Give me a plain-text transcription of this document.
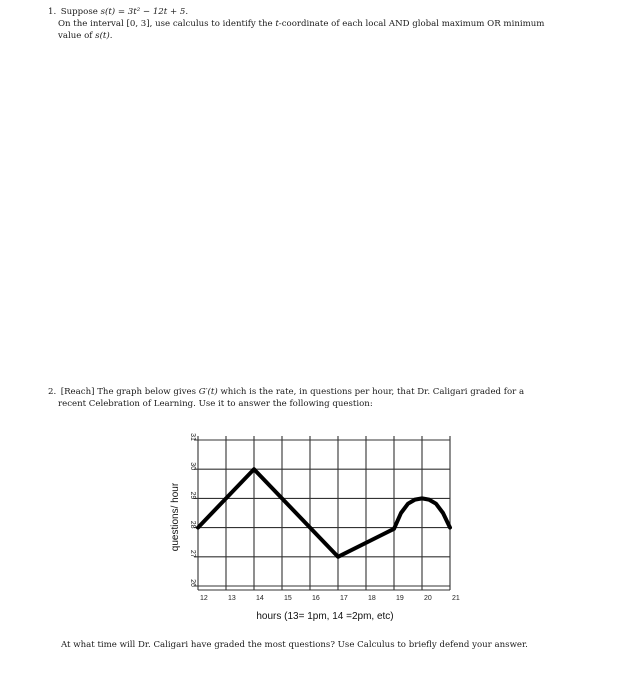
1. Suppose s(t) = 3t² − 12t + 5.
On the interval [0, 3], use calculus to identify the t-coordinate of each local AND global maximum OR minimum
value of s(t).
2. [Reach] The graph below gives G′(t) which is the rate, in questions per hour, that Dr. Caligari graded for a
recent Celebration of Learning. Use it to answer the following question:
12	13	14	15	16	17	18	19	20	21
26
27
28
29
30
31
questions/ hour
hours (13= 1pm, 14 =2pm, etc)
At what time will Dr. Caligari have graded the most questions? Use Calculus to briefly defend your answer.
